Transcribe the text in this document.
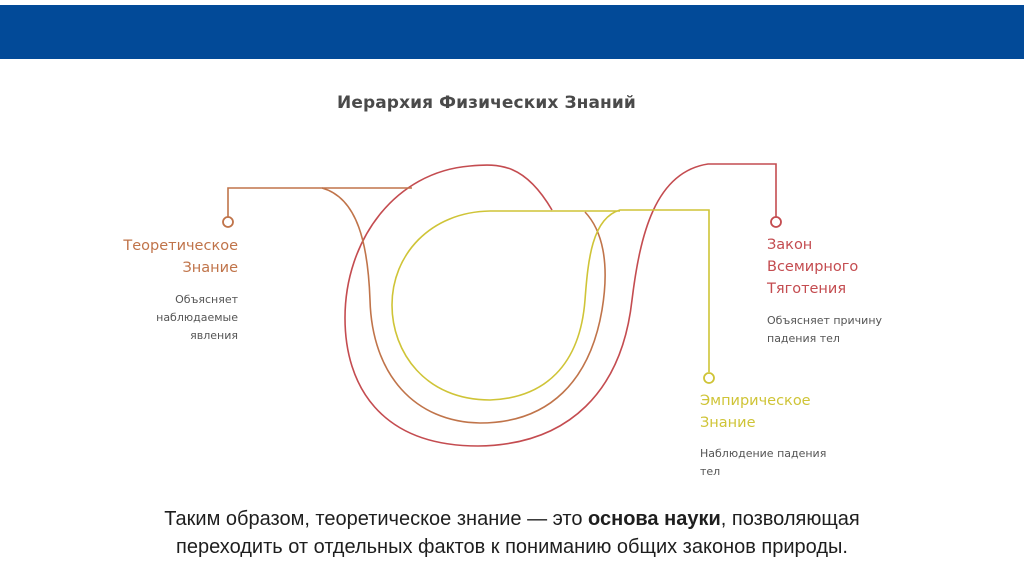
Иерархия Физических Знаний
Теоретическое
Знание
Объясняет
наблюдаемые
явления
Закон
Всемирного
Тяготения
Объясняет причину
падения тел
Эмпирическое
Знание
Наблюдение падения
тел
Таким образом, теоретическое знание — это основа науки, позволяющая
переходить от отдельных фактов к пониманию общих законов природы.
